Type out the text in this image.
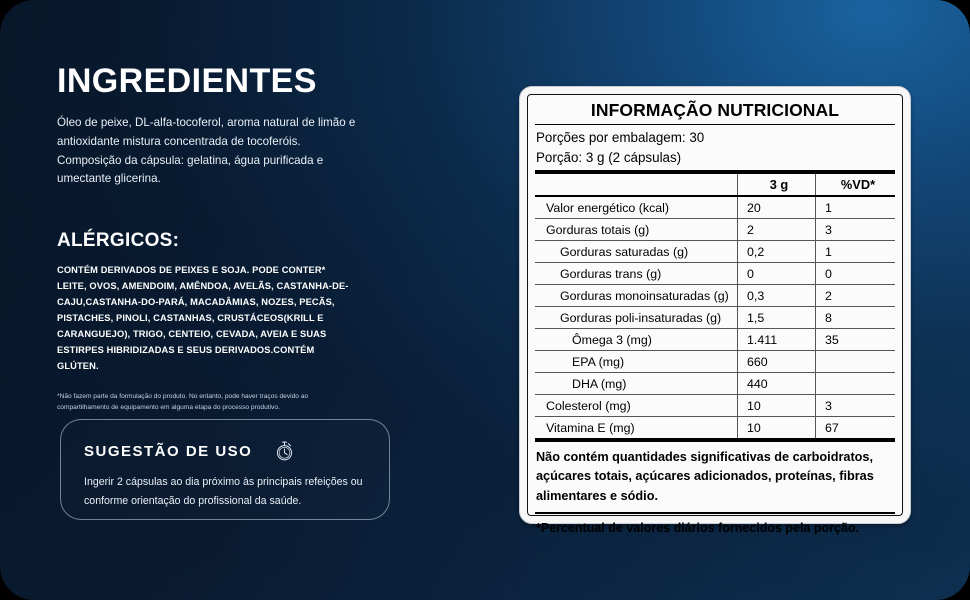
INGREDIENTES

Óleo de peixe, DL-alfa-tocoferol, aroma natural de limão e antioxidante mistura concentrada de tocoferóis. Composição da cápsula: gelatina, água purificada e umectante glicerina.

ALÉRGICOS:

CONTÉM DERIVADOS DE PEIXES E SOJA. PODE CONTER* LEITE, OVOS, AMENDOIM, AMÊNDOA, AVELÃS, CASTANHA-DE-CAJU,CASTANHA-DO-PARÁ, MACADÂMIAS, NOZES, PECÃS, PISTACHES, PINOLI, CASTANHAS, CRUSTÁCEOS(KRILL E CARANGUEJO), TRIGO, CENTEIO, CEVADA, AVEIA E SUAS ESTIRPES HIBRIDIZADAS E SEUS DERIVADOS.CONTÉM GLÚTEN.

*Não fazem parte da formulação do produto. No entanto, pode haver traços devido ao compartilhamento de equipamento em alguma etapa do processo produtivo.

SUGESTÃO DE USO

Ingerir 2 cápsulas ao dia próximo às principais refeições ou conforme orientação do profissional da saúde.

INFORMAÇÃO NUTRICIONAL
Porções por embalagem: 30
Porção: 3 g (2 cápsulas)
	3 g	%VD*
Valor energético (kcal)	20	1
Gorduras totais (g)	2	3
Gorduras saturadas (g)	0,2	1
Gorduras trans (g)	0	0
Gorduras monoinsaturadas (g)	0,3	2
Gorduras poli-insaturadas (g)	1,5	8
Ômega 3 (mg)	1.411	35
EPA (mg)	660	
DHA (mg)	440	
Colesterol (mg)	10	3
Vitamina E (mg)	10	67
Não contém quantidades significativas de carboidratos, açúcares totais, açúcares adicionados, proteínas, fibras alimentares e sódio.
*Percentual de valores diários fornecidos pela porção.
